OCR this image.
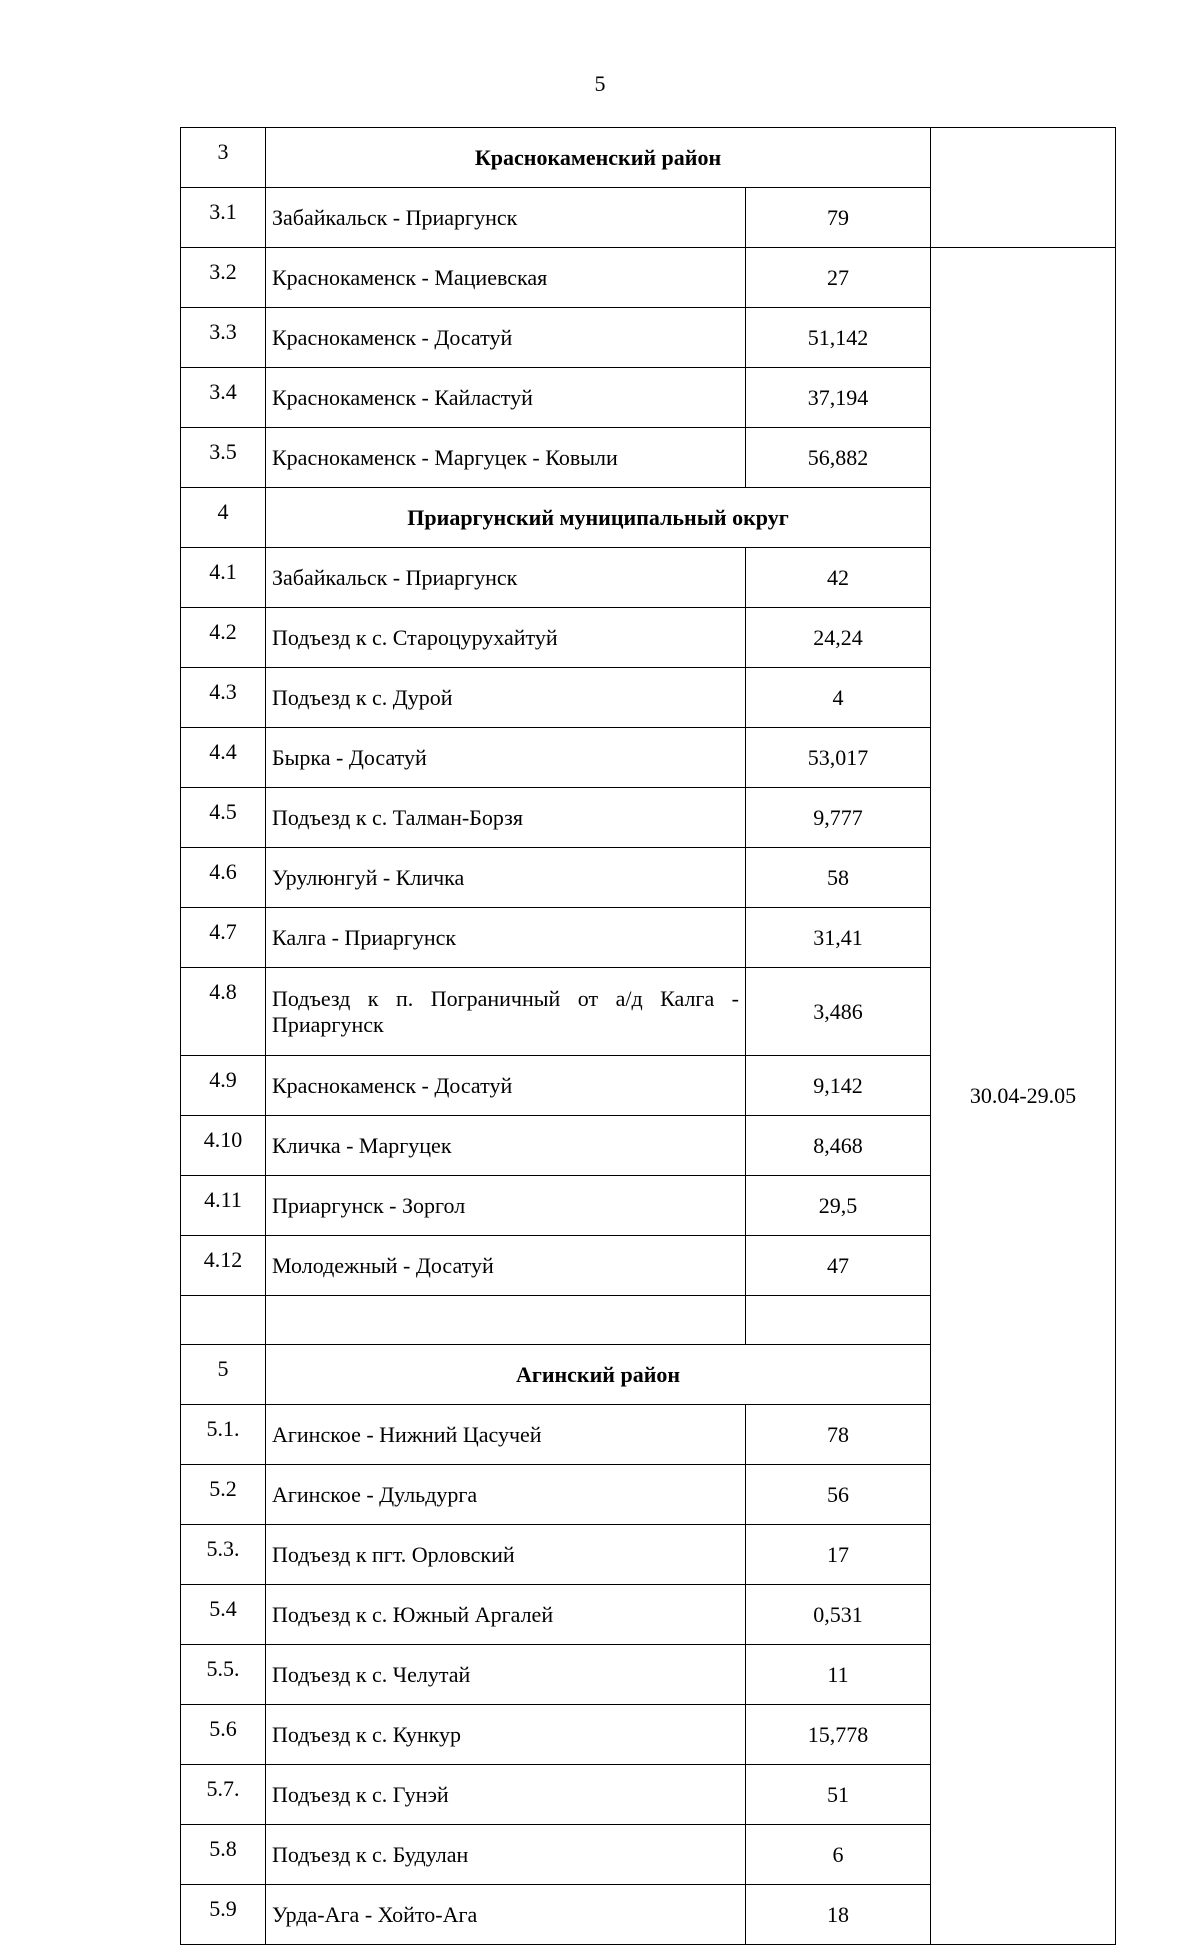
5
3	Краснокаменский район		
3.1	Забайкальск - Приаргунск	79	
3.2	Краснокаменск - Мациевская	27	30.04-29.05
3.3	Краснокаменск - Досатуй	51,142	
3.4	Краснокаменск - Кайластуй	37,194	
3.5	Краснокаменск - Маргуцек - Ковыли	56,882	
4	Приаргунский муниципальный округ		
4.1	Забайкальск - Приаргунск	42	
4.2	Подъезд к с. Староцурухайтуй	24,24	
4.3	Подъезд к с. Дурой	4	
4.4	Бырка - Досатуй	53,017	
4.5	Подъезд к с. Талман-Борзя	9,777	
4.6	Урулюнгуй - Кличка	58	
4.7	Калга - Приаргунск	31,41	
4.8	Подъезд к п. Пограничный от а/д Калга - Приаргунск	3,486	
4.9	Краснокаменск - Досатуй	9,142	
4.10	Кличка - Маргуцек	8,468	
4.11	Приаргунск - Зоргол	29,5	
4.12	Молодежный - Досатуй	47	

5	Агинский район		
5.1.	Агинское - Нижний Цасучей	78	
5.2	Агинское - Дульдурга	56	
5.3.	Подъезд к пгт. Орловский	17	
5.4	Подъезд к с. Южный Аргалей	0,531	
5.5.	Подъезд к с. Челутай	11	
5.6	Подъезд к с. Кункур	15,778	
5.7.	Подъезд к с. Гунэй	51	
5.8	Подъезд к с. Будулан	6	
5.9	Урда-Ага - Хойто-Ага	18	
